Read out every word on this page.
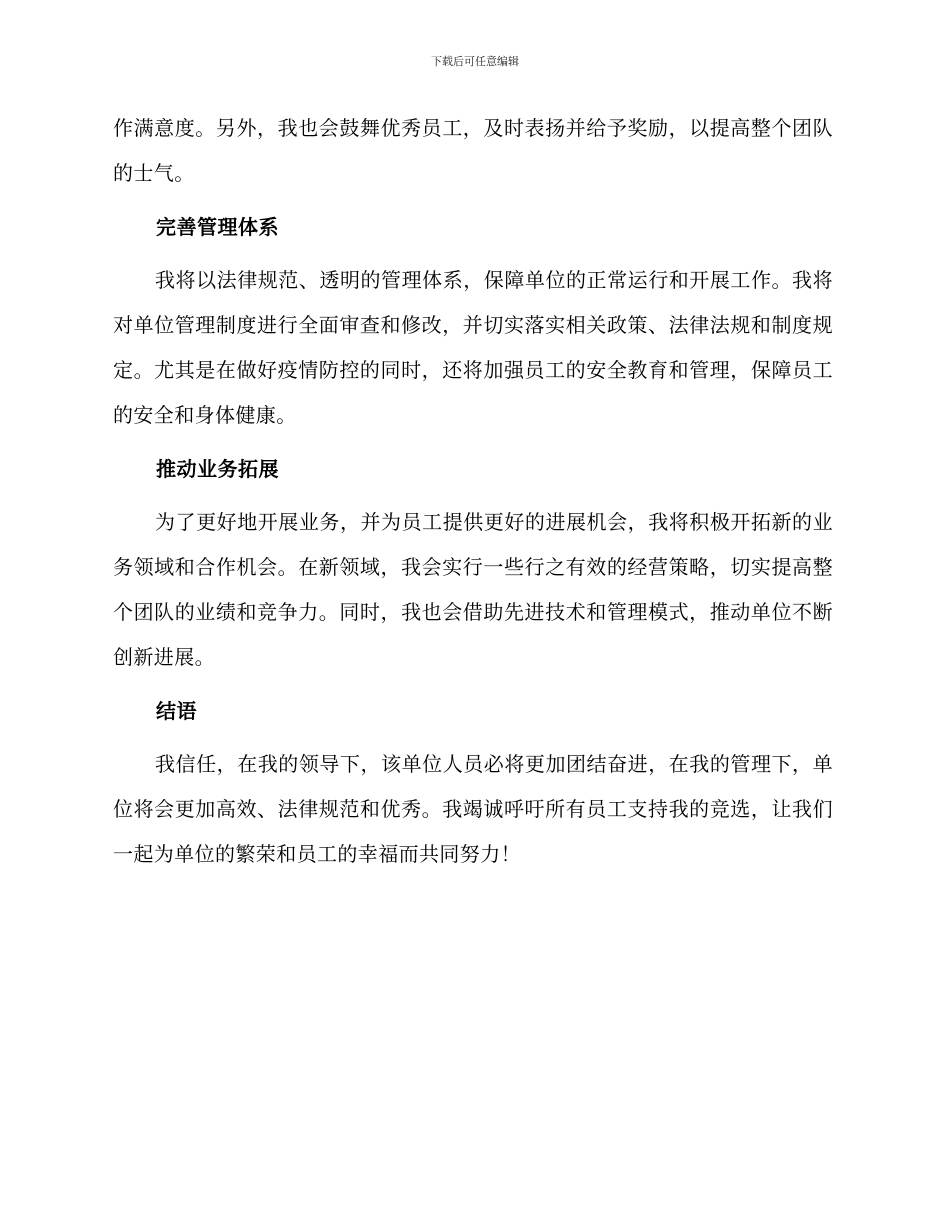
下载后可任意编辑

作满意度。另外，我也会鼓舞优秀员工，及时表扬并给予奖励，以提高整个团队的士气。

完善管理体系

我将以法律规范、透明的管理体系，保障单位的正常运行和开展工作。我将对单位管理制度进行全面审查和修改，并切实落实相关政策、法律法规和制度规定。尤其是在做好疫情防控的同时，还将加强员工的安全教育和管理，保障员工的安全和身体健康。

推动业务拓展

为了更好地开展业务，并为员工提供更好的进展机会，我将积极开拓新的业务领域和合作机会。在新领域，我会实行一些行之有效的经营策略，切实提高整个团队的业绩和竞争力。同时，我也会借助先进技术和管理模式，推动单位不断创新进展。

结语

我信任，在我的领导下，该单位人员必将更加团结奋进，在我的管理下，单位将会更加高效、法律规范和优秀。我竭诚呼吁所有员工支持我的竞选，让我们一起为单位的繁荣和员工的幸福而共同努力！
